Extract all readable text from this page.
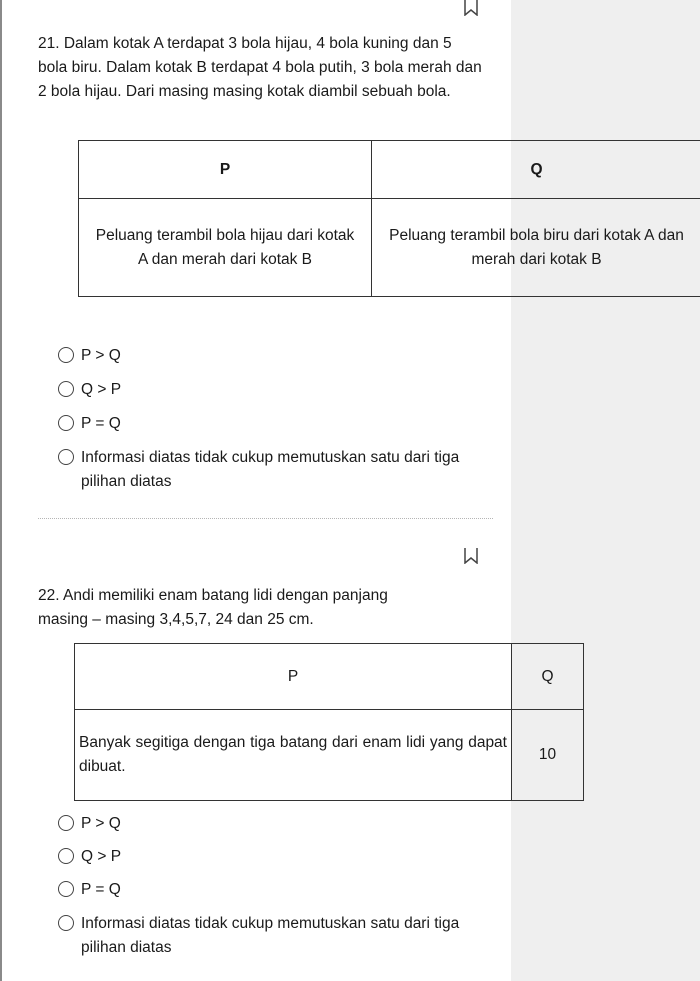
21. Dalam kotak A terdapat 3 bola hijau, 4 bola kuning dan 5 bola biru. Dalam kotak B terdapat 4 bola putih, 3 bola merah dan 2 bola hijau. Dari masing masing kotak diambil sebuah bola.
P	Q
Peluang terambil bola hijau dari kotak A dan merah dari kotak B	Peluang terambil bola biru dari kotak A dan merah dari kotak B
P > Q
Q > P
P = Q
Informasi diatas tidak cukup memutuskan satu dari tiga pilihan diatas
22. Andi memiliki enam batang lidi dengan panjang masing – masing 3,4,5,7, 24 dan 25 cm.
P	Q
Banyak segitiga dengan tiga batang dari enam lidi yang dapat dibuat.	10
P > Q
Q > P
P = Q
Informasi diatas tidak cukup memutuskan satu dari tiga pilihan diatas
